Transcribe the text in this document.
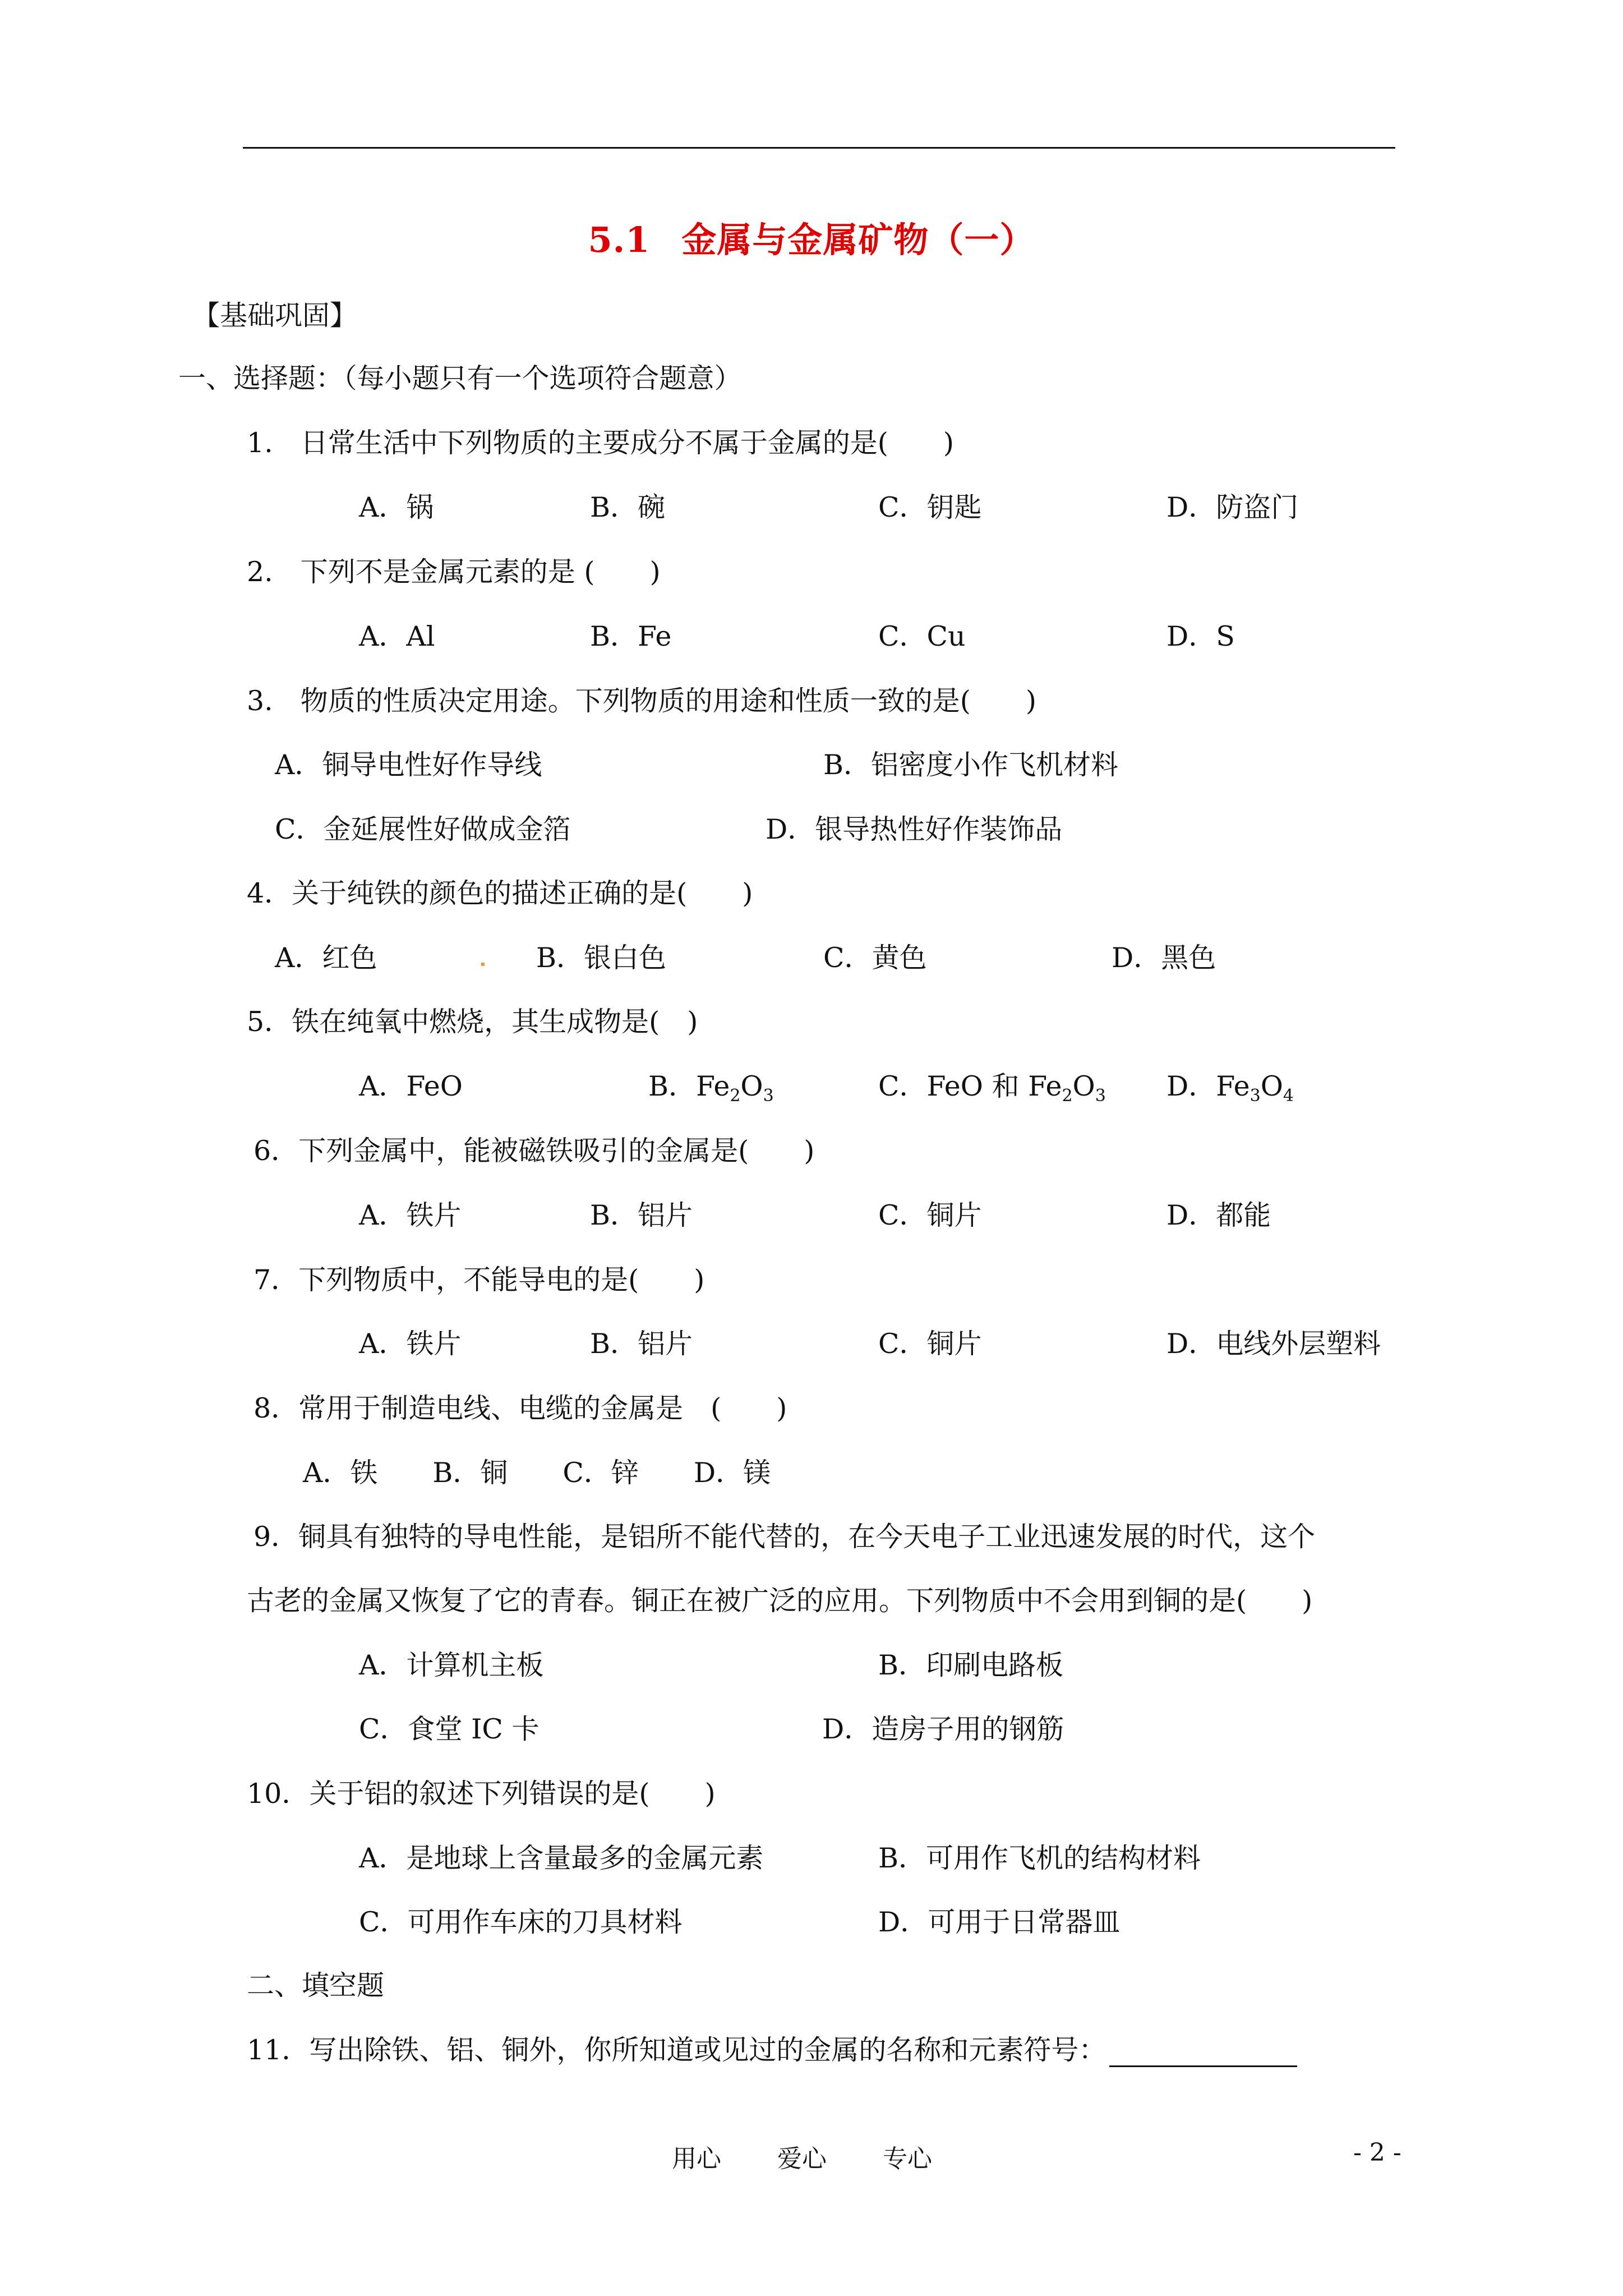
5.1 金属与金属矿物（一）
【基础巩固】
一、选择题：（每小题只有一个选项符合题意）
1.　日常生活中下列物质的主要成分不属于金属的是(　　)
A．锅	B．碗	C．钥匙	D．防盗门
2.　下列不是金属元素的是 (　　)
A．Al	B．Fe	C．Cu	D．S
3.　物质的性质决定用途。下列物质的用途和性质一致的是(　　)
A．铜导电性好作导线	B．铝密度小作飞机材料
C．金延展性好做成金箔	D．银导热性好作装饰品
4．关于纯铁的颜色的描述正确的是(　　)
A．红色	B．银白色	C．黄色	D．黑色
5．铁在纯氧中燃烧，其生成物是(　)
A．FeO	B．$Fe_2O_3$	C．FeO 和 $Fe_2O_3$ D．$Fe_3O_4$
6．下列金属中，能被磁铁吸引的金属是(　　)
A．铁片	B．铝片	C．铜片	D．都能
7．下列物质中，不能导电的是(　　)
A．铁片	B．铝片	C．铜片	D．电线外层塑料
8．常用于制造电线、电缆的金属是　(　　)
A．铁　　B．铜　　C．锌　　D．镁
9．铜具有独特的导电性能，是铝所不能代替的，在今天电子工业迅速发展的时代，这个
古老的金属又恢复了它的青春。铜正在被广泛的应用。下列物质中不会用到铜的是(　　)
A．计算机主板	B．印刷电路板
C．食堂 IC 卡	D．造房子用的钢筋
10．关于铝的叙述下列错误的是(　　)
A．是地球上含量最多的金属元素	B．可用作飞机的结构材料
C．可用作车床的刀具材料	D．可用于日常器皿
二、填空题
11．写出除铁、铝、铜外，你所知道或见过的金属的名称和元素符号：
用心 爱心 专心	- 2 -
